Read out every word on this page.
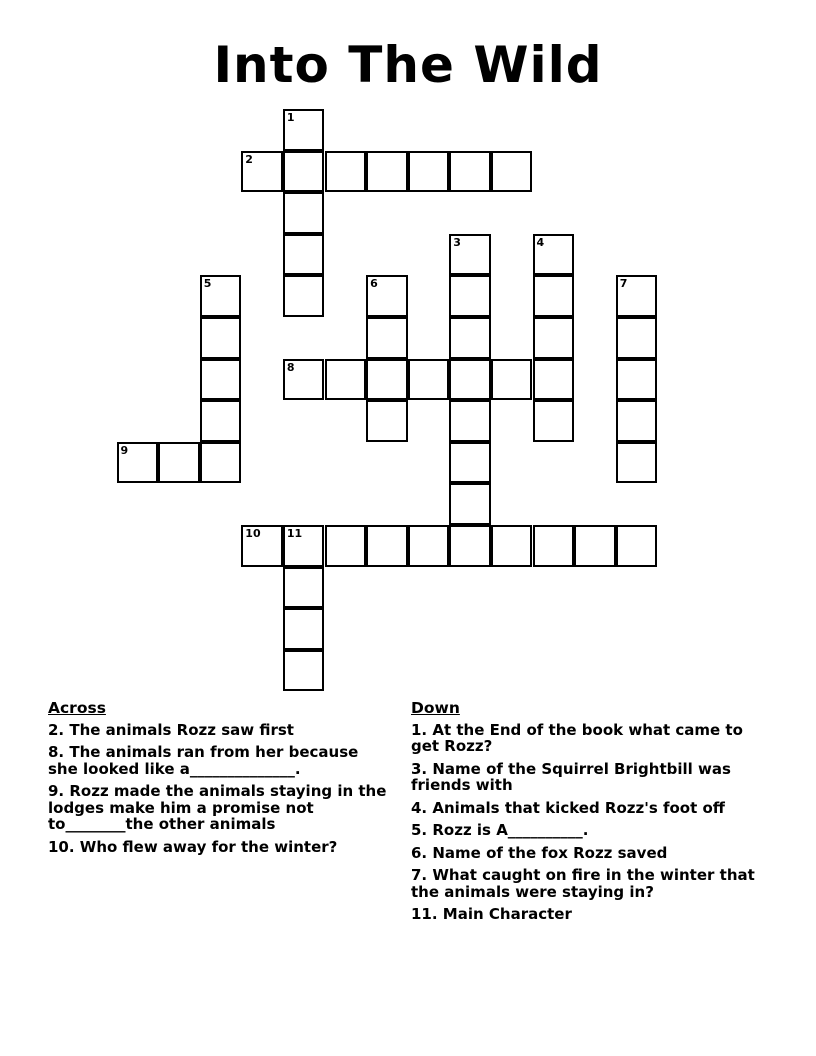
Into The Wild
1
2
3	4
5	6	7
8
9
10 11
Across
2. The animals Rozz saw first
8. The animals ran from her because she looked like a______________.
9. Rozz made the animals staying in the lodges make him a promise not to________the other animals
10. Who flew away for the winter?
Down
1. At the End of the book what came to get Rozz?
3. Name of the Squirrel Brightbill was friends with
4. Animals that kicked Rozz's foot off
5. Rozz is A__________.
6. Name of the fox Rozz saved
7. What caught on fire in the winter that the animals were staying in?
11. Main Character
